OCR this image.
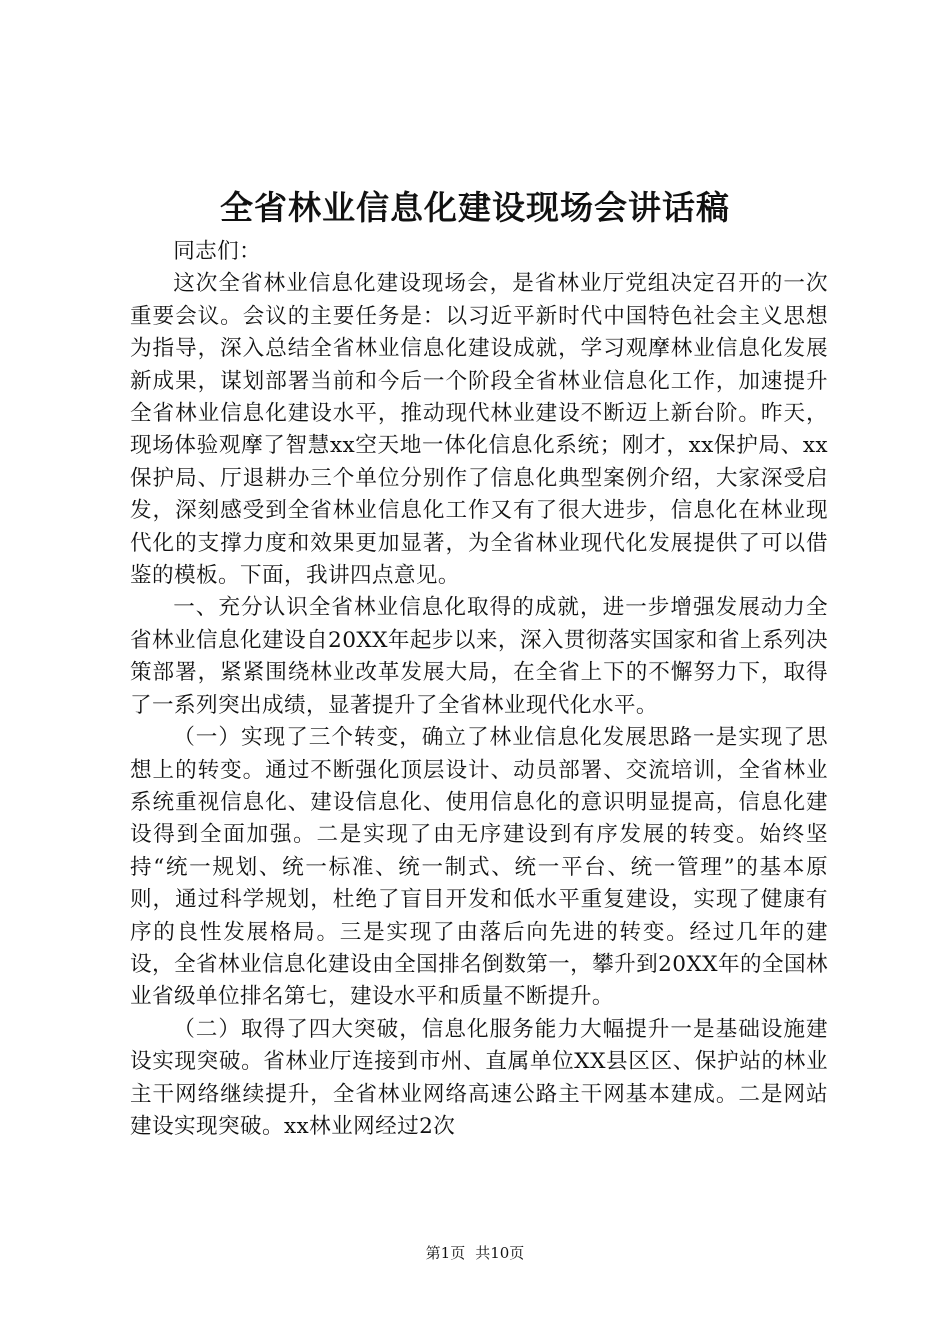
全省林业信息化建设现场会讲话稿

同志们：

这次全省林业信息化建设现场会，是省林业厅党组决定召开的一次重要会议。会议的主要任务是：以习近平新时代中国特色社会主义思想为指导，深入总结全省林业信息化建设成就，学习观摩林业信息化发展新成果，谋划部署当前和今后一个阶段全省林业信息化工作，加速提升全省林业信息化建设水平，推动现代林业建设不断迈上新台阶。昨天，现场体验观摩了智慧xx空天地一体化信息化系统；刚才，xx保护局、xx保护局、厅退耕办三个单位分别作了信息化典型案例介绍，大家深受启发，深刻感受到全省林业信息化工作又有了很大进步，信息化在林业现代化的支撑力度和效果更加显著，为全省林业现代化发展提供了可以借鉴的模板。下面，我讲四点意见。

一、充分认识全省林业信息化取得的成就，进一步增强发展动力全省林业信息化建设自20XX年起步以来，深入贯彻落实国家和省上系列决策部署，紧紧围绕林业改革发展大局，在全省上下的不懈努力下，取得了一系列突出成绩，显著提升了全省林业现代化水平。

（一）实现了三个转变，确立了林业信息化发展思路一是实现了思想上的转变。通过不断强化顶层设计、动员部署、交流培训，全省林业系统重视信息化、建设信息化、使用信息化的意识明显提高，信息化建设得到全面加强。二是实现了由无序建设到有序发展的转变。始终坚持“统一规划、统一标准、统一制式、统一平台、统一管理”的基本原则，通过科学规划，杜绝了盲目开发和低水平重复建设，实现了健康有序的良性发展格局。三是实现了由落后向先进的转变。经过几年的建设，全省林业信息化建设由全国排名倒数第一，攀升到20XX年的全国林业省级单位排名第七，建设水平和质量不断提升。

（二）取得了四大突破，信息化服务能力大幅提升一是基础设施建设实现突破。省林业厅连接到市州、直属单位XX县区区、保护站的林业主干网络继续提升，全省林业网络高速公路主干网基本建成。二是网站建设实现突破。xx林业网经过2次

第1页 共10页
